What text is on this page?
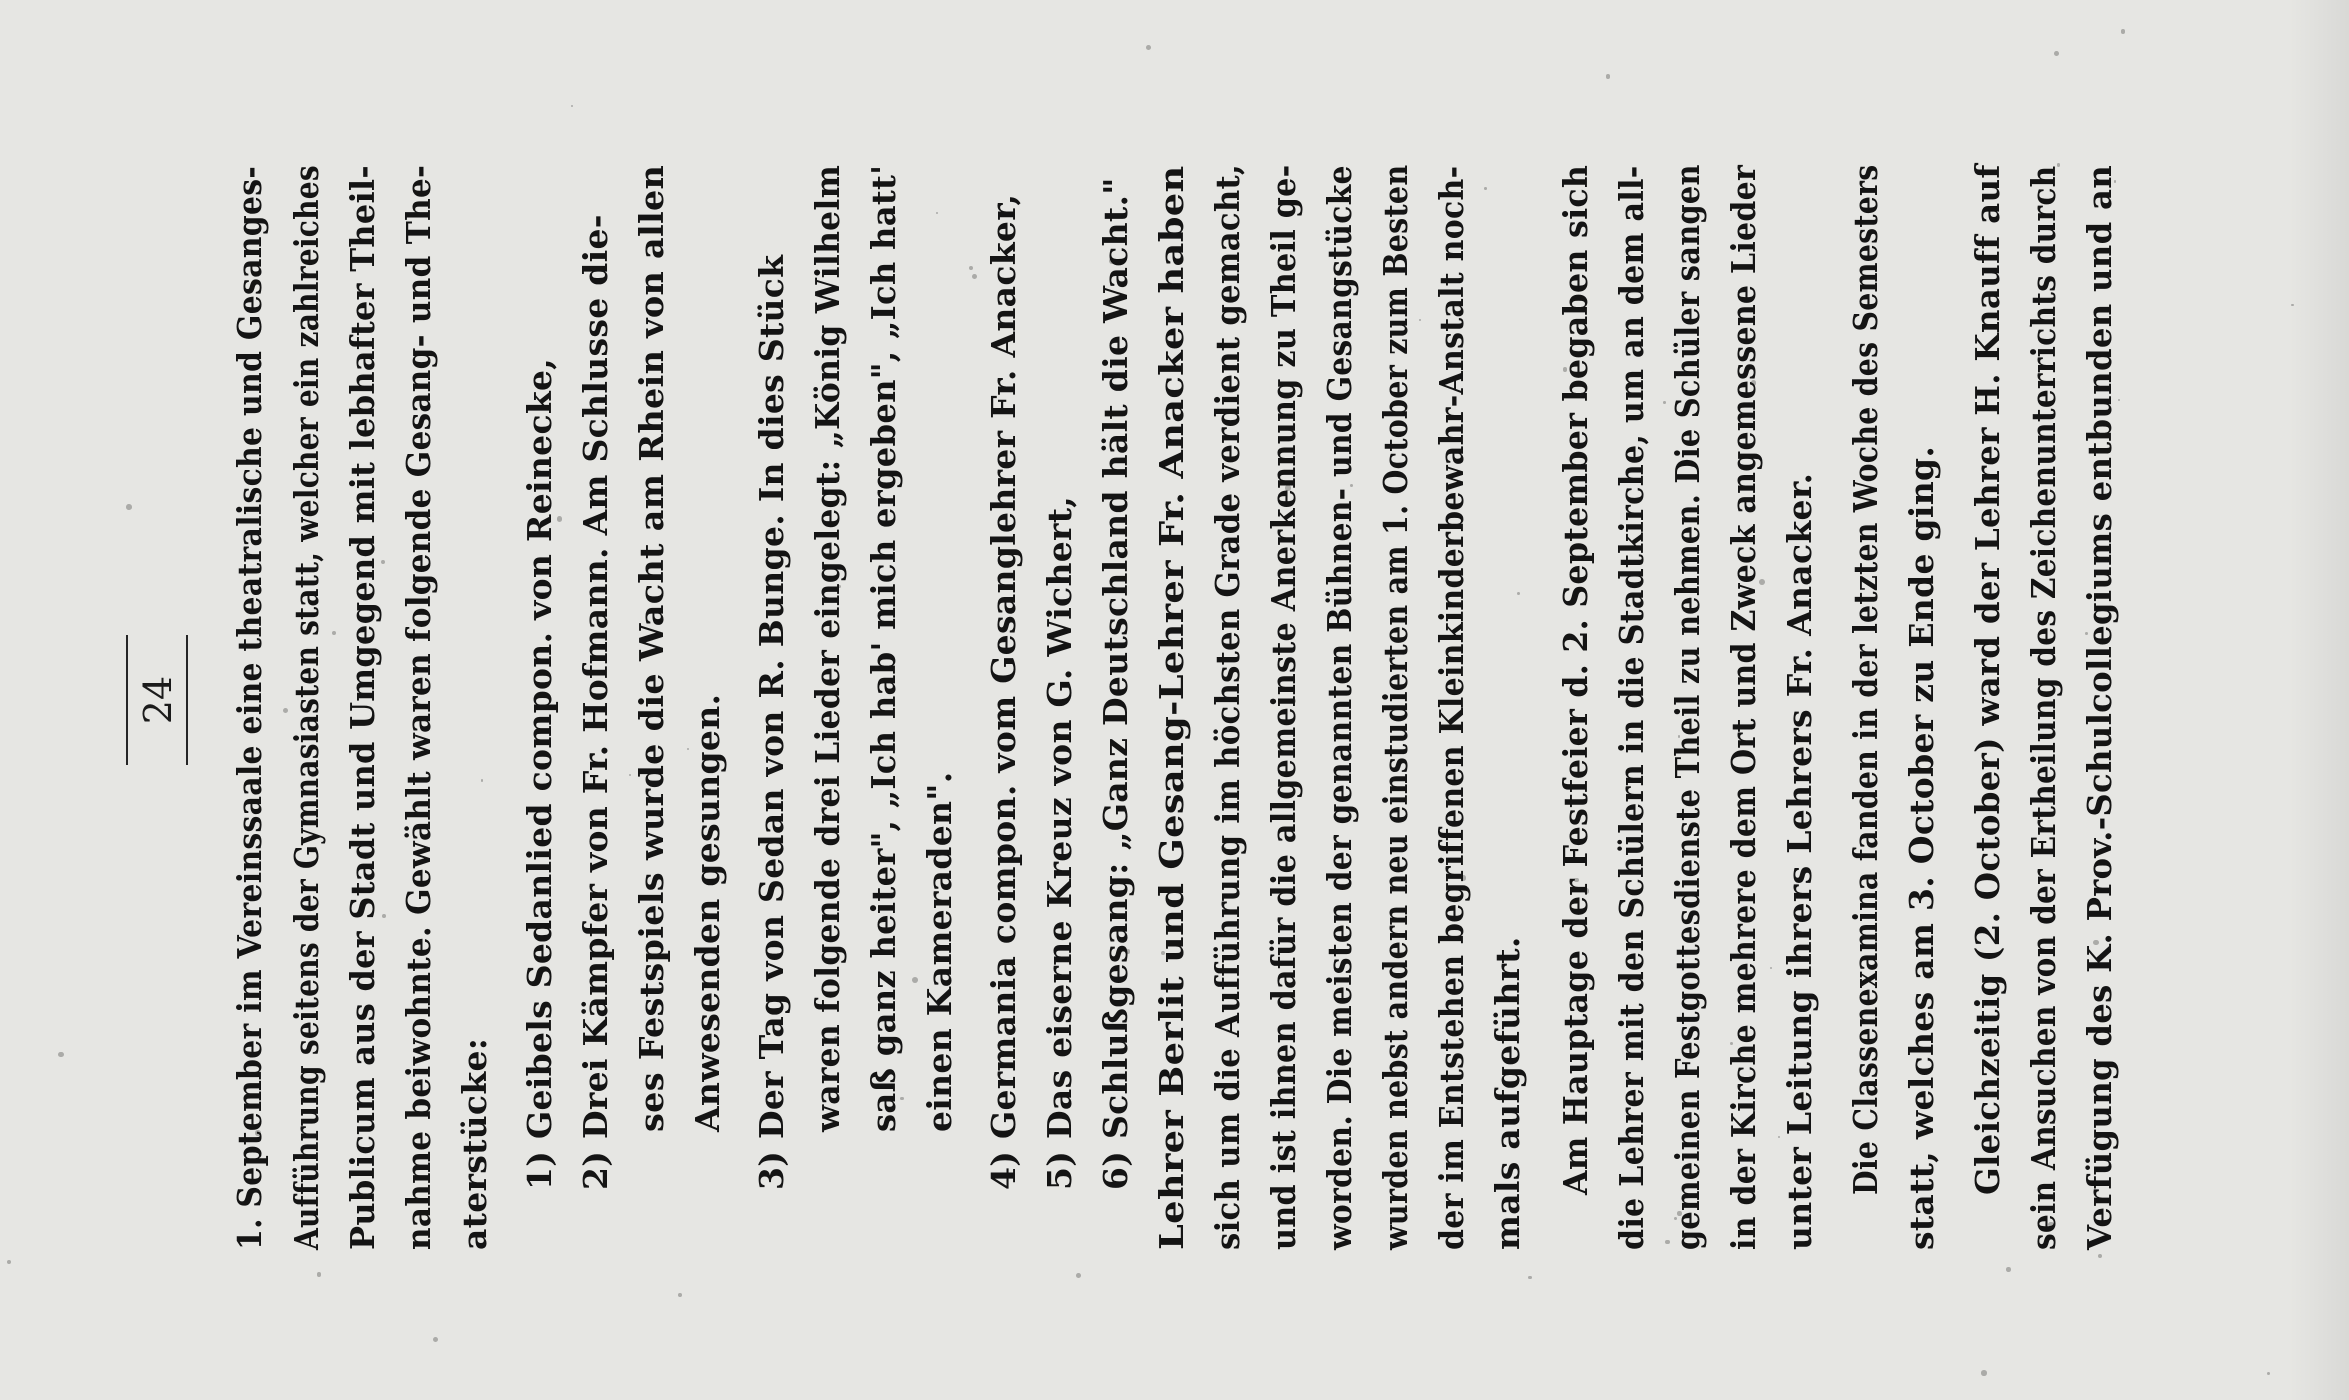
24 1. September im Vereinssaale eine theatralische und Gesanges- Aufführung seitens der Gymnasiasten statt, welcher ein zahlreiches Publicum aus der Stadt und Umgegend mit lebhafter Theil- nahme beiwohnte. Gewählt waren folgende Gesang- und The- aterstücke: 1) Geibels Sedanlied compon. von Reinecke, 2) Drei Kämpfer von Fr. Hofmann. Am Schlusse die- ses Festspiels wurde die Wacht am Rhein von allen Anwesenden gesungen. 3) Der Tag von Sedan von R. Bunge. In dies Stück waren folgende drei Lieder eingelegt: „König Wilhelm saß ganz heiter", „Ich hab' mich ergeben", „Ich hatt' einen Kameraden". 4) Germania compon. vom Gesanglehrer Fr. Anacker, 5) Das eiserne Kreuz von G. Wichert, 6) Schlußgesang: „Ganz Deutschland hält die Wacht." Lehrer Berlit und Gesang-Lehrer Fr. Anacker haben sich um die Aufführung im höchsten Grade verdient gemacht, und ist ihnen dafür die allgemeinste Anerkennung zu Theil ge- worden. Die meisten der genannten Bühnen- und Gesangstücke wurden nebst andern neu einstudierten am 1. October zum Besten der im Entstehen begriffenen Kleinkinderbewahr-Anstalt noch- mals aufgeführt. Am Hauptage der Festfeier d. 2. September begaben sich die Lehrer mit den Schülern in die Stadtkirche, um an dem all- gemeinen Festgottesdienste Theil zu nehmen. Die Schüler sangen in der Kirche mehrere dem Ort und Zweck angemessene Lieder unter Leitung ihrers Lehrers Fr. Anacker. Die Classenexamina fanden in der letzten Woche des Semesters statt, welches am 3. October zu Ende ging. Gleichzeitig (2. October) ward der Lehrer H. Knauff auf sein Ansuchen von der Ertheilung des Zeichenunterrichts durch Verfügung des K. Prov.-Schulcollegiums entbunden und an
